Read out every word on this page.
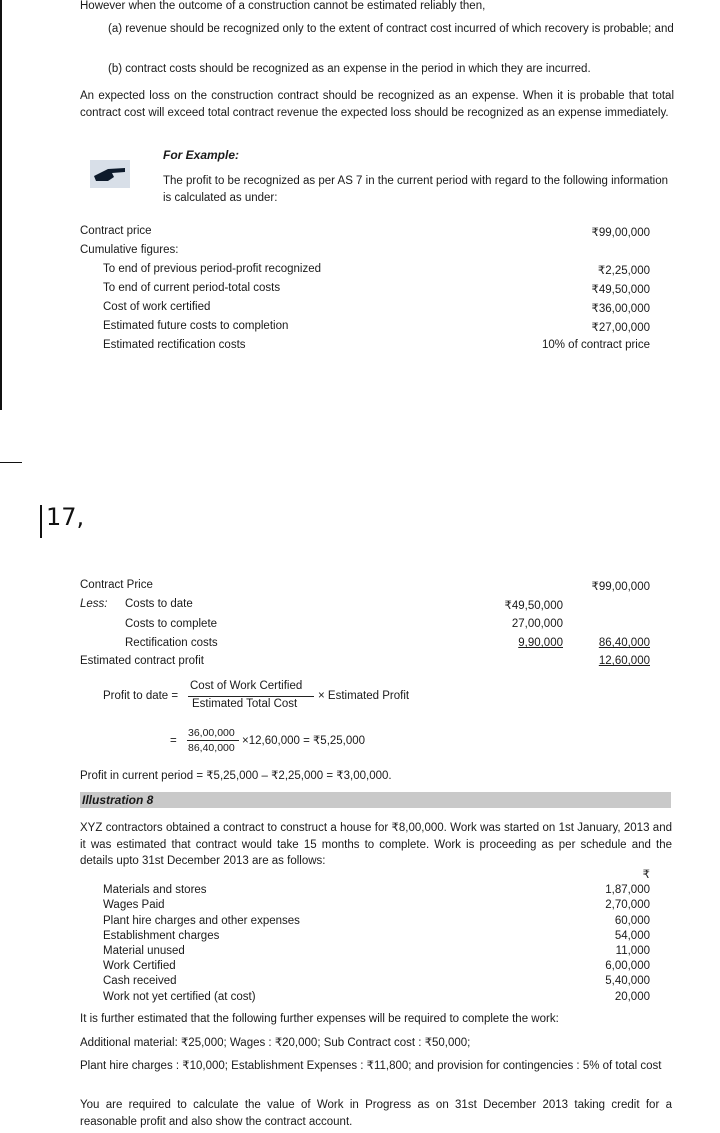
However when the outcome of a construction cannot be estimated reliably then,
(a) revenue should be recognized only to the extent of contract cost incurred of which recovery is probable; and
(b) contract costs should be recognized as an expense in the period in which they are incurred.
An expected loss on the construction contract should be recognized as an expense. When it is probable that total contract cost will exceed total contract revenue the expected loss should be recognized as an expense immediately.
For Example:
The profit to be recognized as per AS 7 in the current period with regard to the following information is calculated as under:
Contract price	₹99,00,000
Cumulative figures:
To end of previous period-profit recognized	₹2,25,000
To end of current period-total costs	₹49,50,000
Cost of work certified	₹36,00,000
Estimated future costs to completion	₹27,00,000
Estimated rectification costs	10% of contract price
17,
Contract Price	₹99,00,000
Less: Costs to date	₹49,50,000
Costs to complete	27,00,000
Rectification costs	9,90,000	86,40,000
Estimated contract profit	12,60,000
Profit to date =
Cost of Work Certified
Estimated Total Cost
× Estimated Profit
=
36,00,000
86,40,000
×12,60,000 = ₹5,25,000
Profit in current period = ₹5,25,000 – ₹2,25,000 = ₹3,00,000.
Illustration 8
XYZ contractors obtained a contract to construct a house for ₹8,00,000. Work was started on 1st January, 2013 and it was estimated that contract would take 15 months to complete. Work is proceeding as per schedule and the details upto 31st December 2013 are as follows:
₹
Materials and stores	1,87,000
Wages Paid	2,70,000
Plant hire charges and other expenses	60,000
Establishment charges	54,000
Material unused	11,000
Work Certified	6,00,000
Cash received	5,40,000
Work not yet certified (at cost)	20,000
It is further estimated that the following further expenses will be required to complete the work:
Additional material: ₹25,000; Wages : ₹20,000; Sub Contract cost : ₹50,000;
Plant hire charges : ₹10,000; Establishment Expenses : ₹11,800; and provision for contingencies : 5% of total cost
You are required to calculate the value of Work in Progress as on 31st December 2013 taking credit for a reasonable profit and also show the contract account.
